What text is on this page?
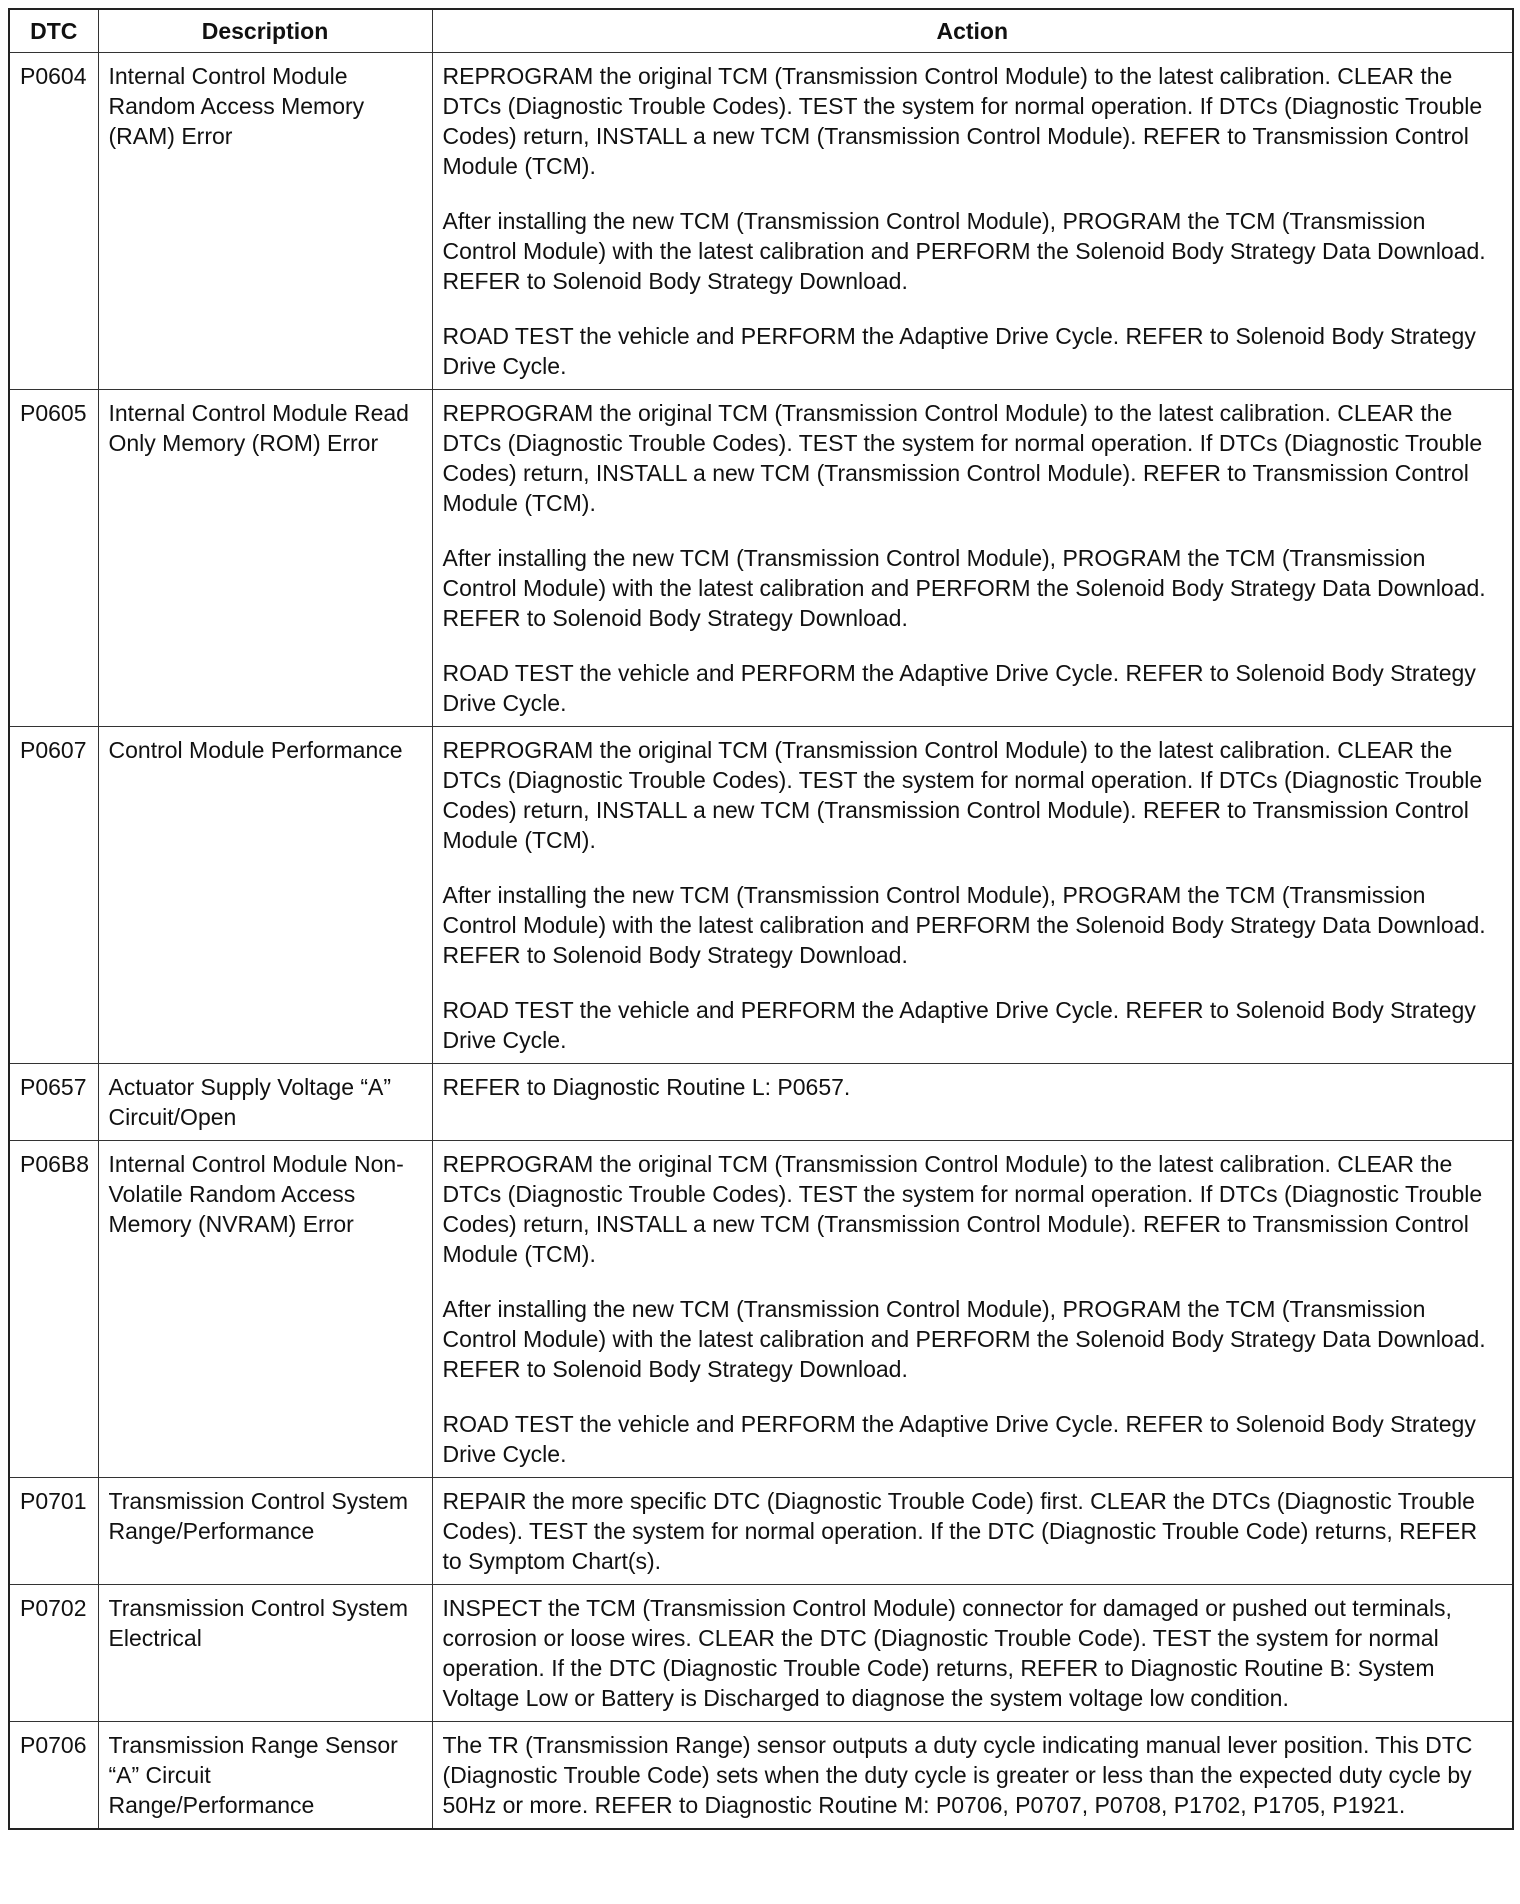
DTC	Description	Action
P0604	Internal Control Module Random Access Memory (RAM) Error	REPROGRAM the original TCM (Transmission Control Module) to the latest calibration. CLEAR the DTCs (Diagnostic Trouble Codes). TEST the system for normal operation. If DTCs (Diagnostic Trouble Codes) return, INSTALL a new TCM (Transmission Control Module). REFER to Transmission Control Module (TCM).

After installing the new TCM (Transmission Control Module), PROGRAM the TCM (Transmission Control Module) with the latest calibration and PERFORM the Solenoid Body Strategy Data Download. REFER to Solenoid Body Strategy Download.

ROAD TEST the vehicle and PERFORM the Adaptive Drive Cycle. REFER to Solenoid Body Strategy Drive Cycle.

P0605	Internal Control Module Read Only Memory (ROM) Error	REPROGRAM the original TCM (Transmission Control Module) to the latest calibration. CLEAR the DTCs (Diagnostic Trouble Codes). TEST the system for normal operation. If DTCs (Diagnostic Trouble Codes) return, INSTALL a new TCM (Transmission Control Module). REFER to Transmission Control Module (TCM).

After installing the new TCM (Transmission Control Module), PROGRAM the TCM (Transmission Control Module) with the latest calibration and PERFORM the Solenoid Body Strategy Data Download. REFER to Solenoid Body Strategy Download.

ROAD TEST the vehicle and PERFORM the Adaptive Drive Cycle. REFER to Solenoid Body Strategy Drive Cycle.

P0607	Control Module Performance	REPROGRAM the original TCM (Transmission Control Module) to the latest calibration. CLEAR the DTCs (Diagnostic Trouble Codes). TEST the system for normal operation. If DTCs (Diagnostic Trouble Codes) return, INSTALL a new TCM (Transmission Control Module). REFER to Transmission Control Module (TCM).

After installing the new TCM (Transmission Control Module), PROGRAM the TCM (Transmission Control Module) with the latest calibration and PERFORM the Solenoid Body Strategy Data Download. REFER to Solenoid Body Strategy Download.

ROAD TEST the vehicle and PERFORM the Adaptive Drive Cycle. REFER to Solenoid Body Strategy Drive Cycle.

P0657	Actuator Supply Voltage “A” Circuit/Open	REFER to Diagnostic Routine L: P0657.

P06B8	Internal Control Module Non-Volatile Random Access Memory (NVRAM) Error	REPROGRAM the original TCM (Transmission Control Module) to the latest calibration. CLEAR the DTCs (Diagnostic Trouble Codes). TEST the system for normal operation. If DTCs (Diagnostic Trouble Codes) return, INSTALL a new TCM (Transmission Control Module). REFER to Transmission Control Module (TCM).

After installing the new TCM (Transmission Control Module), PROGRAM the TCM (Transmission Control Module) with the latest calibration and PERFORM the Solenoid Body Strategy Data Download. REFER to Solenoid Body Strategy Download.

ROAD TEST the vehicle and PERFORM the Adaptive Drive Cycle. REFER to Solenoid Body Strategy Drive Cycle.

P0701	Transmission Control System Range/Performance	REPAIR the more specific DTC (Diagnostic Trouble Code) first. CLEAR the DTCs (Diagnostic Trouble Codes). TEST the system for normal operation. If the DTC (Diagnostic Trouble Code) returns, REFER to Symptom Chart(s).

P0702	Transmission Control System Electrical	INSPECT the TCM (Transmission Control Module) connector for damaged or pushed out terminals, corrosion or loose wires. CLEAR the DTC (Diagnostic Trouble Code). TEST the system for normal operation. If the DTC (Diagnostic Trouble Code) returns, REFER to Diagnostic Routine B: System Voltage Low or Battery is Discharged to diagnose the system voltage low condition.

P0706	Transmission Range Sensor “A” Circuit Range/Performance	The TR (Transmission Range) sensor outputs a duty cycle indicating manual lever position. This DTC (Diagnostic Trouble Code) sets when the duty cycle is greater or less than the expected duty cycle by 50Hz or more. REFER to Diagnostic Routine M: P0706, P0707, P0708, P1702, P1705, P1921.
